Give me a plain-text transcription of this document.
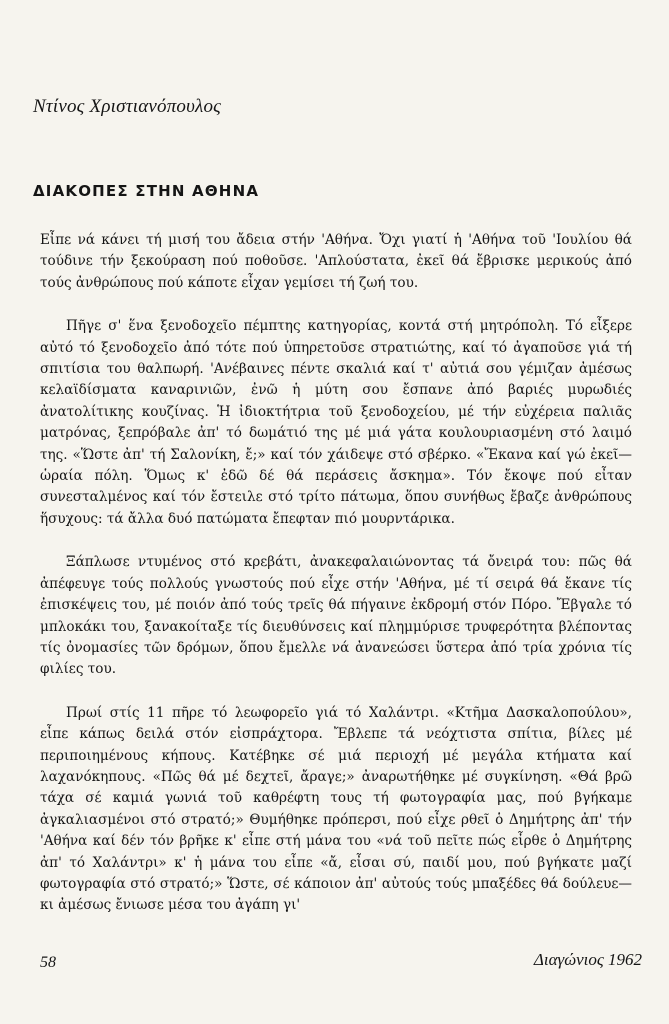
Ντίνος Χριστιανόπουλος
ΔΙΑΚΟΠΕΣ ΣΤΗΝ ΑΘΗΝΑ

Εἶπε νά κάνει τή μισή του ἄδεια στήν 'Αθήνα. Ὄχι γιατί ἡ 'Αθήνα τοῦ 'Ιουλίου θά τούδινε τήν ξεκούραση πού ποθοῦσε. 'Απλούστατα, ἐκεῖ θά ἔβρισκε μερικούς ἀπό τούς ἀνθρώπους πού κάποτε εἶχαν γεμίσει τή ζωή του.

Πῆγε σ' ἕνα ξενοδοχεῖο πέμπτης κατηγορίας, κοντά στή μητρόπολη. Τό εἶξερε αὐτό τό ξενοδοχεῖο ἀπό τότε πού ὑπηρετοῦσε στρατιώτης, καί τό ἀγαποῦσε γιά τή σπιτίσια του θαλπωρή. 'Ανέβαινες πέντε σκαλιά καί τ' αὐτιά σου γέμιζαν ἀμέσως κελαϊδίσματα καναρινιῶν, ἐνῶ ἡ μύτη σου ἔσπανε ἀπό βαριές μυρωδιές ἀνατολίτικης κουζίνας. Ἡ ἰδιοκτήτρια τοῦ ξενοδοχείου, μέ τήν εὐχέρεια παλιᾶς ματρόνας, ξεπρόβαλε ἀπ' τό δωμάτιό της μέ μιά γάτα κουλουριασμένη στό λαιμό της. «Ὥστε ἀπ' τή Σαλονίκη, ἔ;» καί τόν χάιδεψε στό σβέρκο. «Ἔκανα καί γώ ἐκεῖ—ὡραία πόλη. Ὅμως κ' ἐδῶ δέ θά περάσεις ἄσκημα». Τόν ἔκοψε πού εἶταν συνεσταλμένος καί τόν ἔστειλε στό τρίτο πάτωμα, ὅπου συνήθως ἔβαζε ἀνθρώπους ἥσυχους: τά ἄλλα δυό πατώματα ἔπεφταν πιό μουρντάρικα.

Ξάπλωσε ντυμένος στό κρεβάτι, ἀνακεφαλαιώνοντας τά ὄνειρά του: πῶς θά ἀπέφευγε τούς πολλούς γνωστούς πού εἶχε στήν 'Αθήνα, μέ τί σειρά θά ἔκανε τίς ἐπισκέψεις του, μέ ποιόν ἀπό τούς τρεῖς θά πήγαινε ἐκδρομή στόν Πόρο. Ἔβγαλε τό μπλοκάκι του, ξανακοίταξε τίς διευθύνσεις καί πλημμύρισε τρυφερότητα βλέποντας τίς ὀνομασίες τῶν δρόμων, ὅπου ἔμελλε νά ἀνανεώσει ὕστερα ἀπό τρία χρόνια τίς φιλίες του.

Πρωί στίς 11 πῆρε τό λεωφορεῖο γιά τό Χαλάντρι. «Κτῆμα Δασκαλοπούλου», εἶπε κάπως δειλά στόν εἰσπράχτορα. Ἔβλεπε τά νεόχτιστα σπίτια, βίλες μέ περιποιημένους κήπους. Κατέβηκε σέ μιά περιοχή μέ μεγάλα κτήματα καί λαχανόκηπους. «Πῶς θά μέ δεχτεῖ, ἄραγε;» ἀναρωτήθηκε μέ συγκίνηση. «Θά βρῶ τάχα σέ καμιά γωνιά τοῦ καθρέφτη τους τή φωτογραφία μας, πού βγήκαμε ἀγκαλιασμένοι στό στρατό;» Θυμήθηκε πρόπερσι, πού εἶχε ρθεῖ ὁ Δημήτρης ἀπ' τήν 'Αθήνα καί δέν τόν βρῆκε κ' εἶπε στή μάνα του «νά τοῦ πεῖτε πώς εἶρθε ὁ Δημήτρης ἀπ' τό Χαλάντρι» κ' ἡ μάνα του εἶπε «ἄ, εἶσαι σύ, παιδί μου, πού βγήκατε μαζί φωτογραφία στό στρατό;» Ὥστε, σέ κάποιον ἀπ' αὐτούς τούς μπαξέδες θά δούλευε—κι ἀμέσως ἔνιωσε μέσα του ἀγάπη γι'

58	Διαγώνιος 1962
